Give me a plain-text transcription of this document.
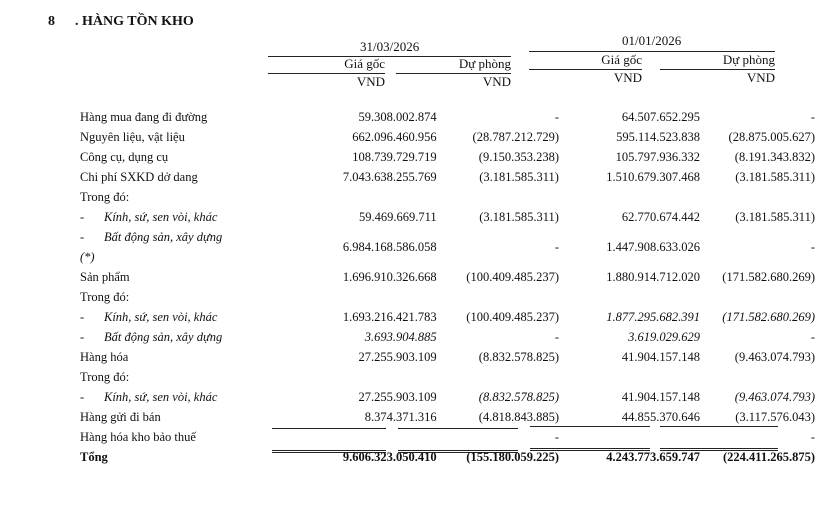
8 . HÀNG TỒN KHO
31/03/2026
Giá gốc	Dự phòng
VND	VND
01/01/2026
Giá gốc	Dự phòng
VND	VND
Hàng mua đang đi đường	59.308.002.874	-	64.507.652.295	-
Nguyên liệu, vật liệu	662.096.460.956	(28.787.212.729)	595.114.523.838	(28.875.005.627)
Công cụ, dụng cụ	108.739.729.719	(9.150.353.238)	105.797.936.332	(8.191.343.832)
Chi phí SXKD dở dang	7.043.638.255.769	(3.181.585.311)	1.510.679.307.468	(3.181.585.311)
Trong đó:				
- Kính, sứ, sen vòi, khác	59.469.669.711	(3.181.585.311)	62.770.674.442	(3.181.585.311)
- Bất động sản, xây dựng (*)	6.984.168.586.058	-	1.447.908.633.026	-
Sản phẩm	1.696.910.326.668	(100.409.485.237)	1.880.914.712.020	(171.582.680.269)
Trong đó:				
- Kính, sứ, sen vòi, khác	1.693.216.421.783	(100.409.485.237)	1.877.295.682.391	(171.582.680.269)
- Bất động sản, xây dựng	3.693.904.885	-	3.619.029.629	-
Hàng hóa	27.255.903.109	(8.832.578.825)	41.904.157.148	(9.463.074.793)
Trong đó:				
- Kính, sứ, sen vòi, khác	27.255.903.109	(8.832.578.825)	41.904.157.148	(9.463.074.793)
Hàng gửi đi bán	8.374.371.316	(4.818.843.885)	44.855.370.646	(3.117.576.043)
Hàng hóa kho bảo thuế		-		-
Tổng	9.606.323.050.410	(155.180.059.225)	4.243.773.659.747	(224.411.265.875)
